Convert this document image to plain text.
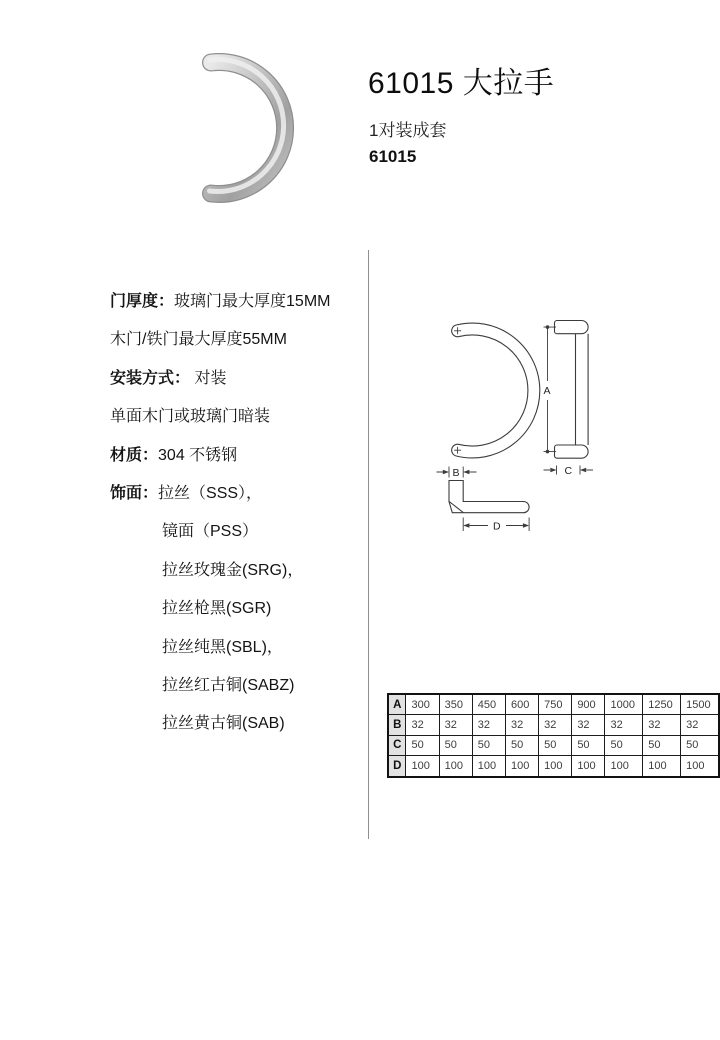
61015 大拉手
1对装成套
61015
门厚度：玻璃门最大厚度15MM
木门/铁门最大厚度55MM
安装方式： 对装
单面木门或玻璃门暗装
材质：304 不锈钢
饰面：拉丝（SSS），
镜面（PSS）
拉丝玫瑰金(SRG)，
拉丝枪黑(SGR)
拉丝纯黑(SBL)，
拉丝红古铜(SABZ)
拉丝黄古铜(SAB)
A
C
B
D
A	300	350	450	600	750	900	1000	1250	1500
B	32	32	32	32	32	32	32	32	32
C	50	50	50	50	50	50	50	50	50
D	100	100	100	100	100	100	100	100	100
